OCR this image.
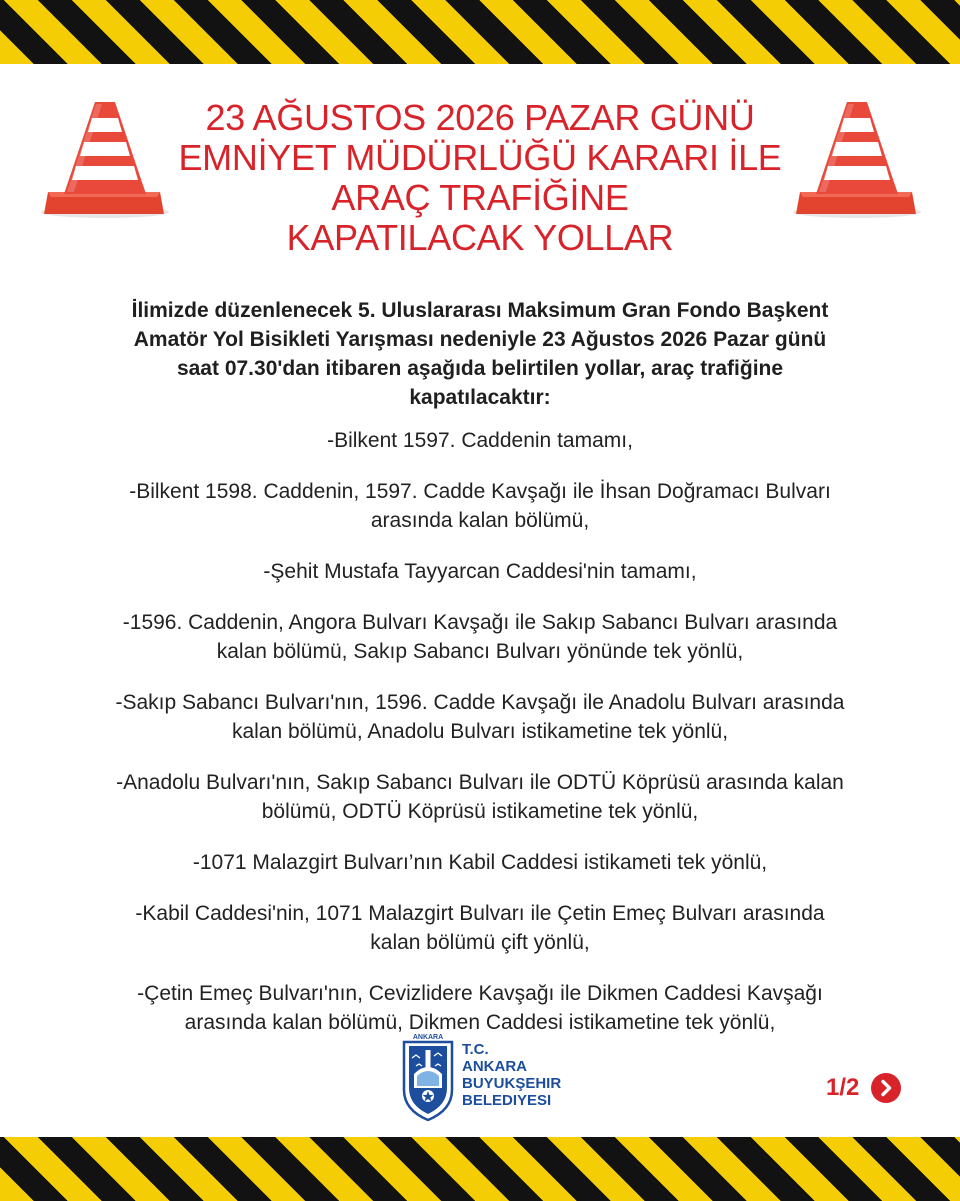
23 AĞUSTOS 2026 PAZAR GÜNÜ
EMNİYET MÜDÜRLÜĞÜ KARARI İLE
ARAÇ TRAFİĞİNE
KAPATILACAK YOLLAR

İlimizde düzenlenecek 5. Uluslararası Maksimum Gran Fondo Başkent
Amatör Yol Bisikleti Yarışması nedeniyle 23 Ağustos 2026 Pazar günü
saat 07.30'dan itibaren aşağıda belirtilen yollar, araç trafiğine
kapatılacaktır:

-Bilkent 1597. Caddenin tamamı,
-Bilkent 1598. Caddenin, 1597. Cadde Kavşağı ile İhsan Doğramacı Bulvarı
arasında kalan bölümü,
-Şehit Mustafa Tayyarcan Caddesi'nin tamamı,
-1596. Caddenin, Angora Bulvarı Kavşağı ile Sakıp Sabancı Bulvarı arasında
kalan bölümü, Sakıp Sabancı Bulvarı yönünde tek yönlü,
-Sakıp Sabancı Bulvarı'nın, 1596. Cadde Kavşağı ile Anadolu Bulvarı arasında
kalan bölümü, Anadolu Bulvarı istikametine tek yönlü,
-Anadolu Bulvarı'nın, Sakıp Sabancı Bulvarı ile ODTÜ Köprüsü arasında kalan
bölümü, ODTÜ Köprüsü istikametine tek yönlü,
-1071 Malazgirt Bulvarı’nın Kabil Caddesi istikameti tek yönlü,
-Kabil Caddesi'nin, 1071 Malazgirt Bulvarı ile Çetin Emeç Bulvarı arasında
kalan bölümü çift yönlü,
-Çetin Emeç Bulvarı'nın, Cevizlidere Kavşağı ile Dikmen Caddesi Kavşağı
arasında kalan bölümü, Dikmen Caddesi istikametine tek yönlü,
ANKARA
T.C.
ANKARA
BUYUKŞEHIR
BELEDIYESI	1/2
